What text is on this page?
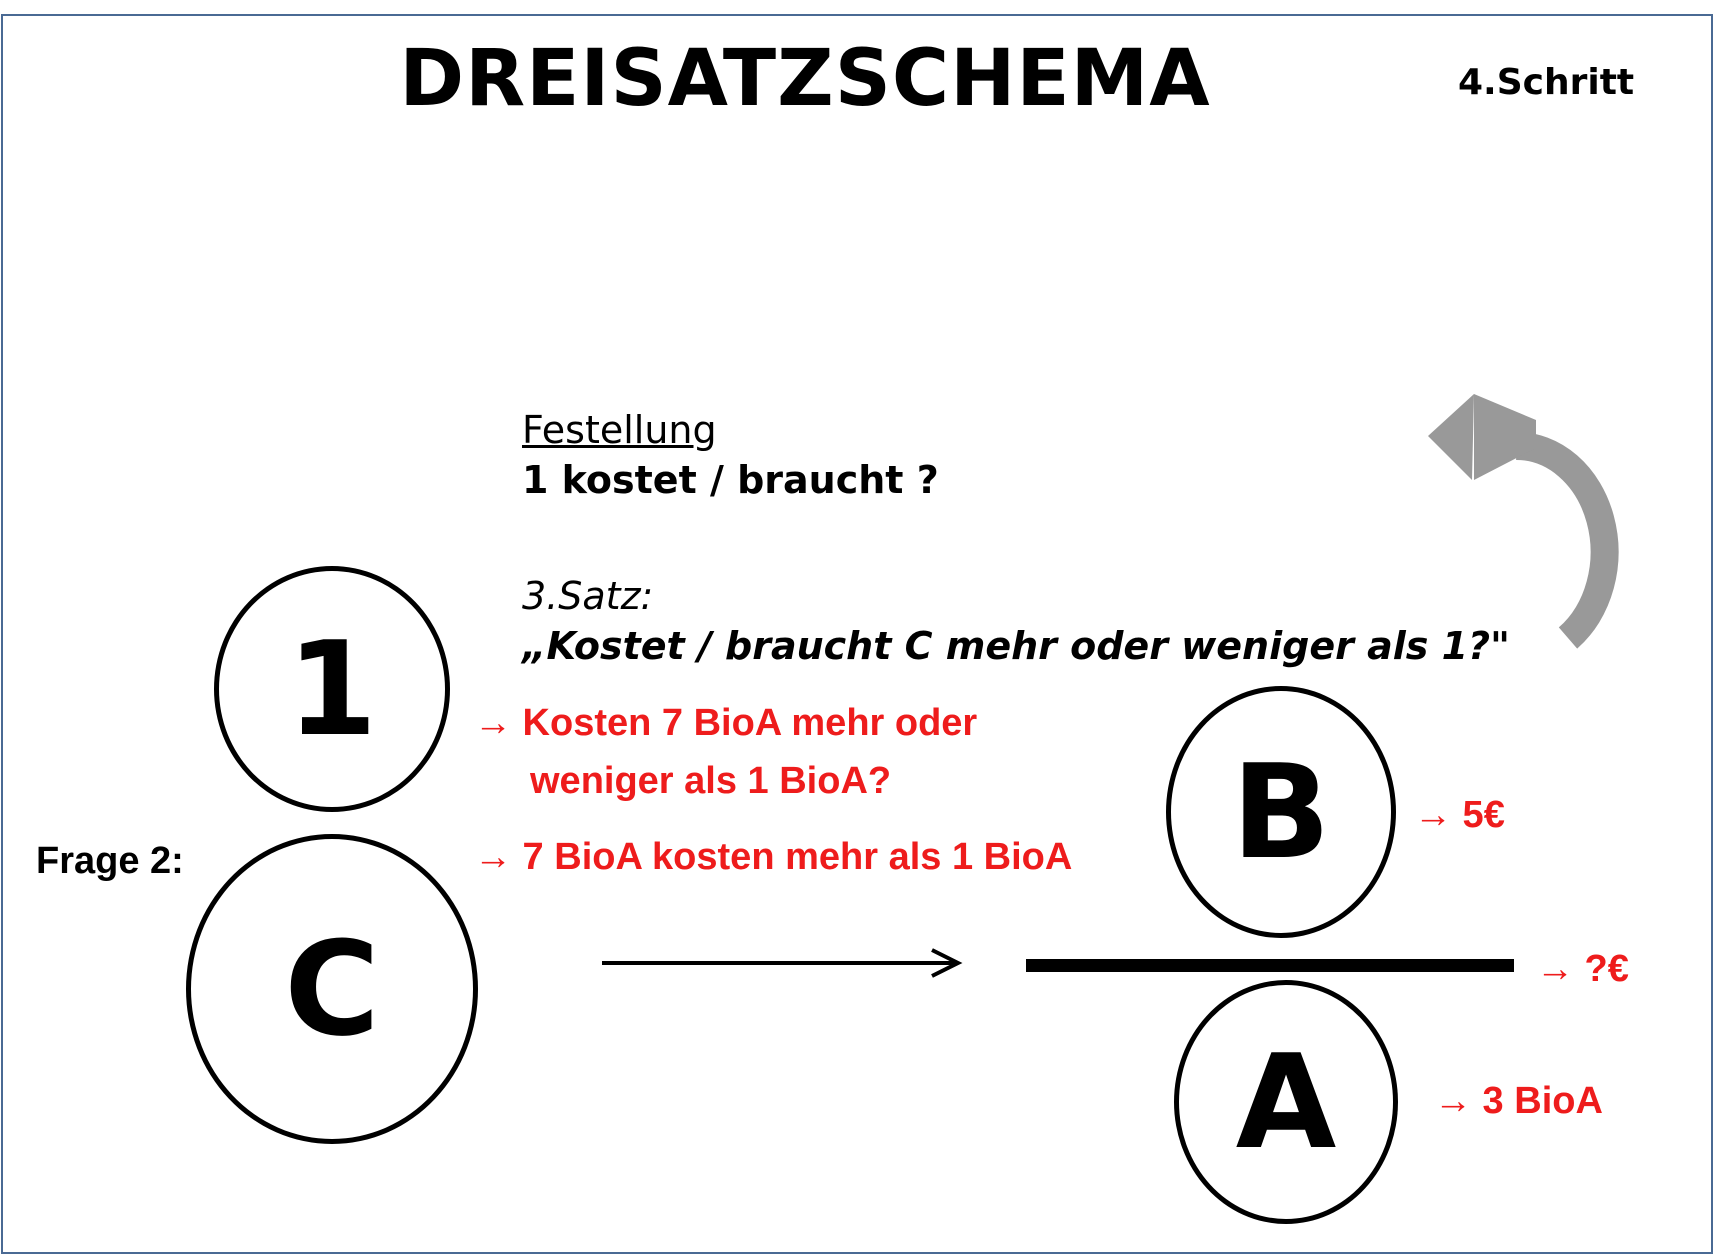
DREISATZSCHEMA	4.Schritt
Festellung
1 kostet / braucht ?
3.Satz:
„Kostet / braucht C mehr oder weniger als 1?"
→ Kosten 7 BioA mehr oder
weniger als 1 BioA?
→ 7 BioA kosten mehr als 1 BioA
Frage 2:
1
C
B
A
→ 5€
→ ?€
→ 3 BioA
